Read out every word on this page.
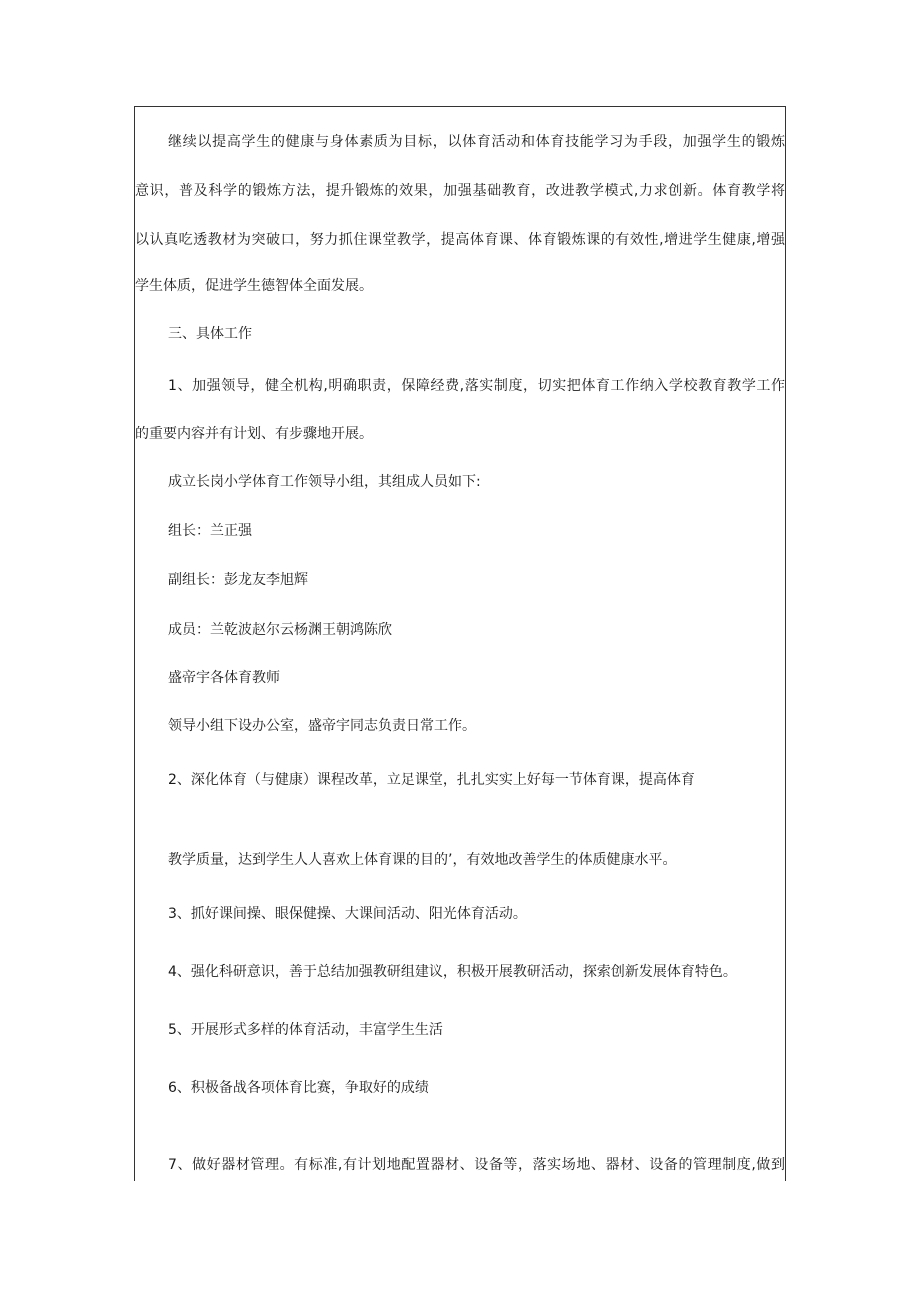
继续以提高学生的健康与身体素质为目标，以体育活动和体育技能学习为手段，加强学生的锻炼
意识，普及科学的锻炼方法，提升锻炼的效果，加强基础教育，改进教学模式,力求创新。体育教学将
以认真吃透教材为突破口，努力抓住课堂教学，提高体育课、体育锻炼课的有效性,增进学生健康,增强
学生体质，促进学生德智体全面发展。
三、具体工作
1、加强领导，健全机构,明确职责，保障经费,落实制度，切实把体育工作纳入学校教育教学工作
的重要内容并有计划、有步骤地开展。
成立长岗小学体育工作领导小组，其组成人员如下:
组长：兰正强
副组长：彭龙友李旭辉
成员：兰乾波赵尔云杨渊王朝鸿陈欣
盛帝宇各体育教师
领导小组下设办公室，盛帝宇同志负责日常工作。
2、深化体育（与健康）课程改革，立足课堂，扎扎实实上好每一节体育课，提高体育
教学质量，达到学生人人喜欢上体育课的目的’，有效地改善学生的体质健康水平。
3、抓好课间操、眼保健操、大课间活动、阳光体育活动。
4、强化科研意识，善于总结加强教研组建议，积极开展教研活动，探索创新发展体育特色。
5、开展形式多样的体育活动，丰富学生生活
6、积极备战各项体育比赛，争取好的成绩
7、做好器材管理。有标准,有计划地配置器材、设备等，落实场地、器材、设备的管理制度,做到
